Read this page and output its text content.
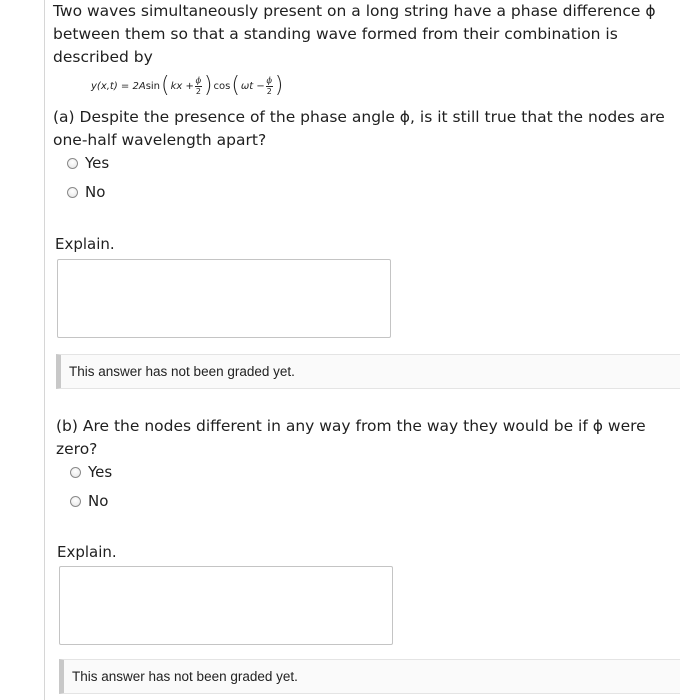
Two waves simultaneously present on a long string have a phase difference ϕ between them so that a standing wave formed from their combination is described by
y(x,t) = 2A sin ( kx + $\frac{\phi}{2}$ ) cos ( $\omega t - \frac{\phi}{2}$ )
(a) Despite the presence of the phase angle ϕ, is it still true that the nodes are one-half wavelength apart?
Yes
No
Explain.
This answer has not been graded yet.
(b) Are the nodes different in any way from the way they would be if ϕ were zero?
Yes
No
Explain.
This answer has not been graded yet.
